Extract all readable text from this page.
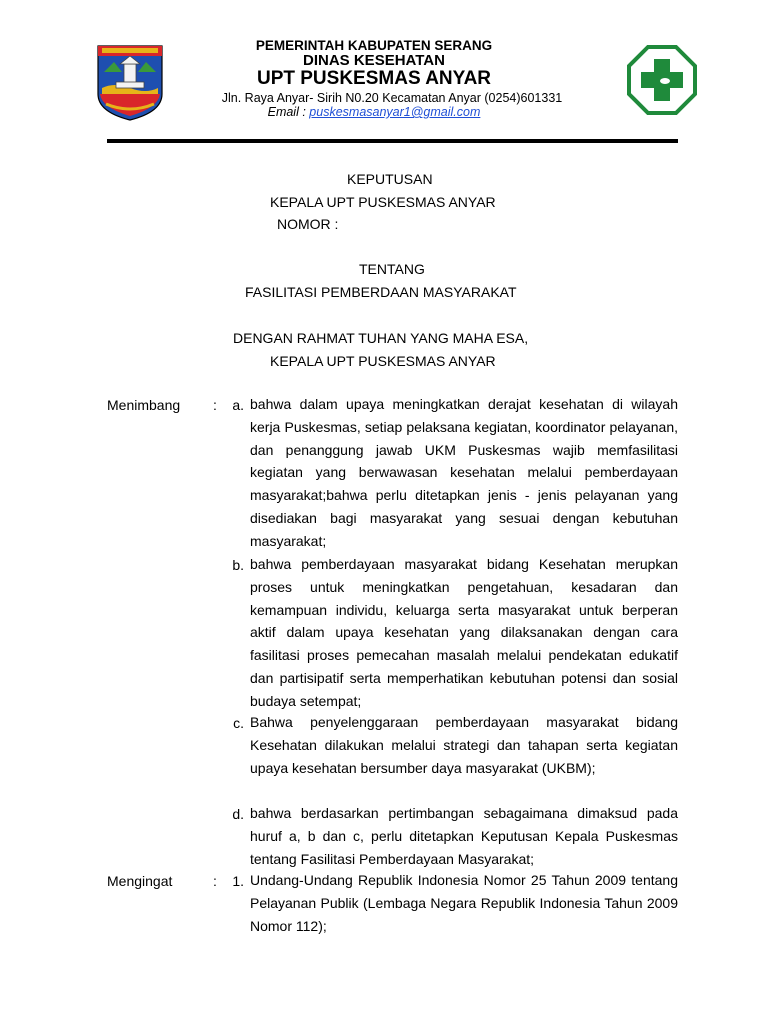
PEMERINTAH KABUPATEN SERANG
DINAS KESEHATAN
UPT PUSKESMAS ANYAR
Jln. Raya Anyar- Sirih N0.20 Kecamatan Anyar (0254)601331
Email : puskesmasanyar1@gmail.com
KEPUTUSAN
KEPALA UPT PUSKESMAS ANYAR
NOMOR :
TENTANG
FASILITASI PEMBERDAAN MASYARAKAT
DENGAN RAHMAT TUHAN YANG MAHA ESA,
KEPALA UPT PUSKESMAS ANYAR
Menimbang :	a. bahwa dalam upaya meningkatkan derajat kesehatan di wilayah kerja Puskesmas, setiap pelaksana kegiatan, koordinator pelayanan, dan penanggung jawab UKM Puskesmas wajib memfasilitasi kegiatan yang berwawasan kesehatan melalui pemberdayaan masyarakat;bahwa perlu ditetapkan jenis - jenis pelayanan yang disediakan bagi masyarakat yang sesuai dengan kebutuhan masyarakat;
b. bahwa pemberdayaan masyarakat bidang Kesehatan merupkan proses untuk meningkatkan pengetahuan, kesadaran dan kemampuan individu, keluarga serta masyarakat untuk berperan aktif dalam upaya kesehatan yang dilaksanakan dengan cara fasilitasi proses pemecahan masalah melalui pendekatan edukatif dan partisipatif serta memperhatikan kebutuhan potensi dan sosial budaya setempat;
c. Bahwa penyelenggaraan pemberdayaan masyarakat bidang Kesehatan dilakukan melalui strategi dan tahapan serta kegiatan upaya kesehatan bersumber daya masyarakat (UKBM);
d. bahwa berdasarkan pertimbangan sebagaimana dimaksud pada huruf a, b dan c, perlu ditetapkan Keputusan Kepala Puskesmas tentang Fasilitasi Pemberdayaan Masyarakat;
Mengingat	:	1. Undang-Undang Republik Indonesia Nomor 25 Tahun 2009 tentang Pelayanan Publik (Lembaga Negara Republik Indonesia Tahun 2009 Nomor 112);
